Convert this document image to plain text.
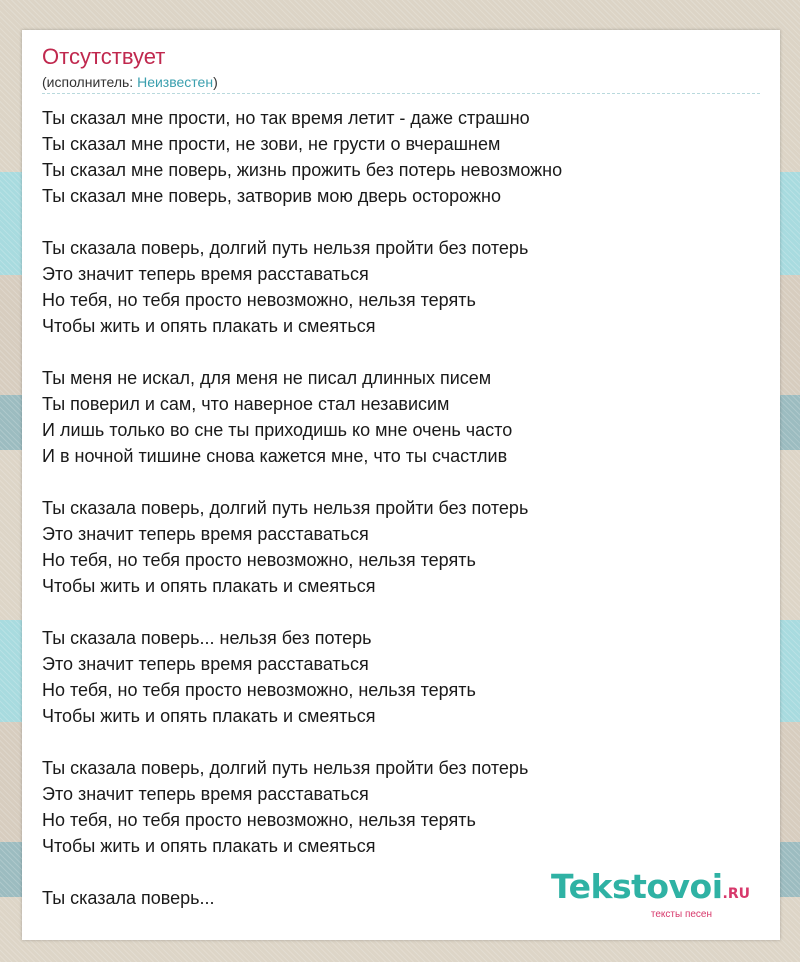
Отсутствует
(исполнитель: Неизвестен)
Ты сказал мне прости, но так время летит - даже страшно
Ты сказал мне прости, не зови, не грусти о вчерашнем
Ты сказал мне поверь, жизнь прожить без потерь невозможно
Ты сказал мне поверь, затворив мою дверь осторожно
Ты сказала поверь, долгий путь нельзя пройти без потерь
Это значит теперь время расставаться
Но тебя, но тебя просто невозможно, нельзя терять
Чтобы жить и опять плакать и смеяться
Ты меня не искал, для меня не писал длинных писем
Ты поверил и сам, что наверное стал независим
И лишь только во сне ты приходишь ко мне очень часто
И в ночной тишине снова кажется мне, что ты счастлив
Ты сказала поверь, долгий путь нельзя пройти без потерь
Это значит теперь время расставаться
Но тебя, но тебя просто невозможно, нельзя терять
Чтобы жить и опять плакать и смеяться
Ты сказала поверь... нельзя без потерь
Это значит теперь время расставаться
Но тебя, но тебя просто невозможно, нельзя терять
Чтобы жить и опять плакать и смеяться
Ты сказала поверь, долгий путь нельзя пройти без потерь
Это значит теперь время расставаться
Но тебя, но тебя просто невозможно, нельзя терять
Чтобы жить и опять плакать и смеяться
Ты сказала поверь...	Tekstovoi.RU
тексты песен
